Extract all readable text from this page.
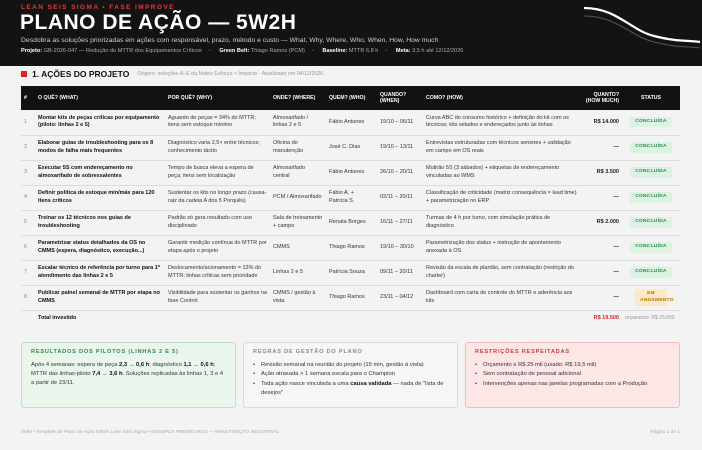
LEAN SEIS SIGMA • FASE IMPROVE
PLANO DE AÇÃO — 5W2H
Desdobra as soluções priorizadas em ações com responsável, prazo, método e custo — What, Why, Where, Who, When, How, How much
Projeto: GB-2026-047 — Redução do MTTR dos Equipamentos Críticos • Green Belt: Thiago Ramos (PCM) • Baseline: MTTR 6,8 h • Meta: 3,5 h até 12/12/2026
1. AÇÕES DO PROJETO Origem: soluções A–E da Matriz Esforço × Impacto · Atualizado em 04/12/2026
#	O QUÊ? (WHAT)	POR QUÊ? (WHY)	ONDE? (WHERE)	QUEM? (WHO)	QUANDO? (WHEN)	COMO? (HOW)	QUANTO? (HOW MUCH)	STATUS
1	Montar kits de peças críticas por equipamento (piloto: linhas 2 e 5)	Aguardo de peças = 34% do MTTR; itens sem estoque mínimo	Almoxarifado / linhas 2 e 5	Fábio Antunes	19/10 – 06/11	Curva ABC do consumo histórico + definição do kit com os técnicos; kits selados e endereçados junto às linhas	R$ 14.000	CONCLUÍDA
2	Elaborar guias de troubleshooting para os 8 modos de falha mais frequentes	Diagnóstico varia 2,5× entre técnicos; conhecimento tácito	Oficina de manutenção	José C. Dias	19/10 – 13/11	Entrevistas estruturadas com técnicos seniores + validação em campo em OS reais	—	CONCLUÍDA
3	Executar 5S com endereçamento no almoxarifado de sobressalentes	Tempo de busca eleva a espera de peça; itens sem localização	Almoxarifado central	Fábio Antunes	26/10 – 20/11	Mutirão 5S (3 sábados) + etiquetas de endereçamento vinculadas ao WMS	R$ 3.500	CONCLUÍDA
4	Definir política de estoque min/máx para 120 itens críticos	Sustentar os kits no longo prazo (causa-raiz da cadeia A dos 5 Porquês)	PCM / Almoxarifado	Fábio A. + Patrícia S.	02/11 – 20/11	Classificação de criticidade (matriz consequência × lead time) + parametrização no ERP	—	CONCLUÍDA
5	Treinar os 12 técnicos nos guias de troubleshooting	Padrão só gera resultado com uso disciplinado	Sala de treinamento + campo	Renata Borges	16/11 – 27/11	Turmas de 4 h por turno, com simulação prática de diagnóstico	R$ 2.000	CONCLUÍDA
6	Parametrizar status detalhados da OS no CMMS (espera, diagnóstico, execução...)	Garantir medição contínua do MTTR por etapa após o projeto	CMMS	Thiago Ramos	19/10 – 30/10	Parametrização dos status + instrução de apontamento anexada à OS	—	CONCLUÍDA
7	Escalar técnico de referência por turno para 1º atendimento das linhas 2 e 5	Deslocamento/acionamento = 13% do MTTR; linhas críticas sem prioridade	Linhas 2 e 5	Patrícia Souza	09/11 – 20/11	Revisão da escala de plantão, sem contratação (restrição do charter)	—	CONCLUÍDA
8	Publicar painel semanal de MTTR por etapa no CMMS	Visibilidade para sustentar os ganhos na fase Control	CMMS / gestão à vista	Thiago Ramos	23/11 – 04/12	Dashboard com carta de controle do MTTR e aderência aos kits	—	EM ANDAMENTO
	Total investido						R$ 19.500	orçamento: R$ 25.000
RESULTADOS DOS PILOTOS (LINHAS 2 E 5)
Após 4 semanas: espera de peça 2,3 → 0,6 h; diagnóstico 1,1 → 0,6 h; MTTR das linhas-piloto 7,4 → 3,6 h. Soluções replicadas às linhas 1, 3 e 4 a partir de 23/11.
REGRAS DE GESTÃO DO PLANO
• Revisão semanal na reunião do projeto (15 min, gestão à vista)
• Ação atrasada > 1 semana escala para o Champion
• Toda ação nasce vinculada a uma causa validada — nada de "lista de desejos"
RESTRIÇÕES RESPEITADAS
• Orçamento ≤ R$ 25 mil (usado: R$ 19,5 mil)
• Sem contratação de pessoal adicional
• Intervenções apenas nas janelas programadas com a Produção
Vetto • Template de Plano de Ação 5W2H Lean Seis Sigma • EXEMPLO PREENCHIDO — MANUTENÇÃO INDUSTRIAL	Página 1 de 1
